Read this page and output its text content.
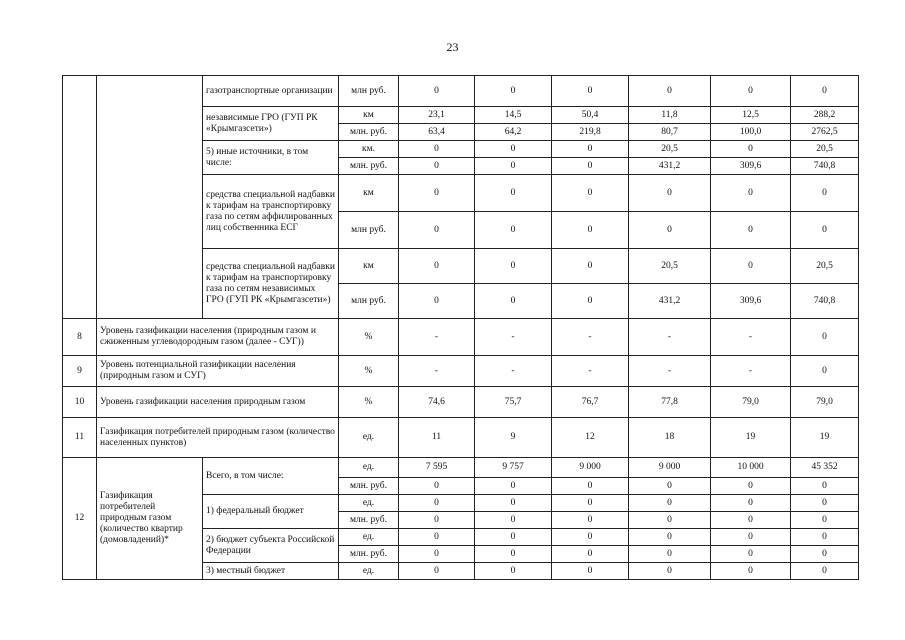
23
		газотранспортные организации	млн руб.	0	0	0	0	0	0
		независимые ГРО (ГУП РК «Крымгазсети»)	км	23,1	14,5	50,4	11,8	12,5	288,2
			млн. руб.	63,4	64,2	219,8	80,7	100,0	2762,5
		5) иные источники, в том числе:	км.	0	0	0	20,5	0	20,5
			млн. руб.	0	0	0	431,2	309,6	740,8
		средства специальной надбавки к тарифам на транспортировку газа по сетям аффилированных лиц собственника ЕСГ	км	0	0	0	0	0	0
			млн руб.	0	0	0	0	0	0
		средства специальной надбавки к тарифам на транспортировку газа по сетям независимых ГРО (ГУП РК «Крымгазсети»)	км	0	0	0	20,5	0	20,5
			млн руб.	0	0	0	431,2	309,6	740,8
8	Уровень газификации населения (природным газом и сжиженным углеводородным газом (далее - СУГ))		%	-	-	-	-	-	0
9	Уровень потенциальной газификации населения (природным газом и СУГ)		%	-	-	-	-	-	0
10	Уровень газификации населения природным газом		%	74,6	75,7	76,7	77,8	79,0	79,0
11	Газификация потребителей природным газом (количество населенных пунктов)		ед.	11	9	12	18	19	19
12	Газификация потребителей природным газом (количество квартир (домовладений)*	Всего, в том числе:	ед.	7 595	9 757	9 000	9 000	10 000	45 352
			млн. руб.	0	0	0	0	0	0
		1) федеральный бюджет	ед.	0	0	0	0	0	0
			млн. руб.	0	0	0	0	0	0
		2) бюджет субъекта Российской Федерации	ед.	0	0	0	0	0	0
			млн. руб.	0	0	0	0	0	0
		3) местный бюджет	ед.	0	0	0	0	0	0
